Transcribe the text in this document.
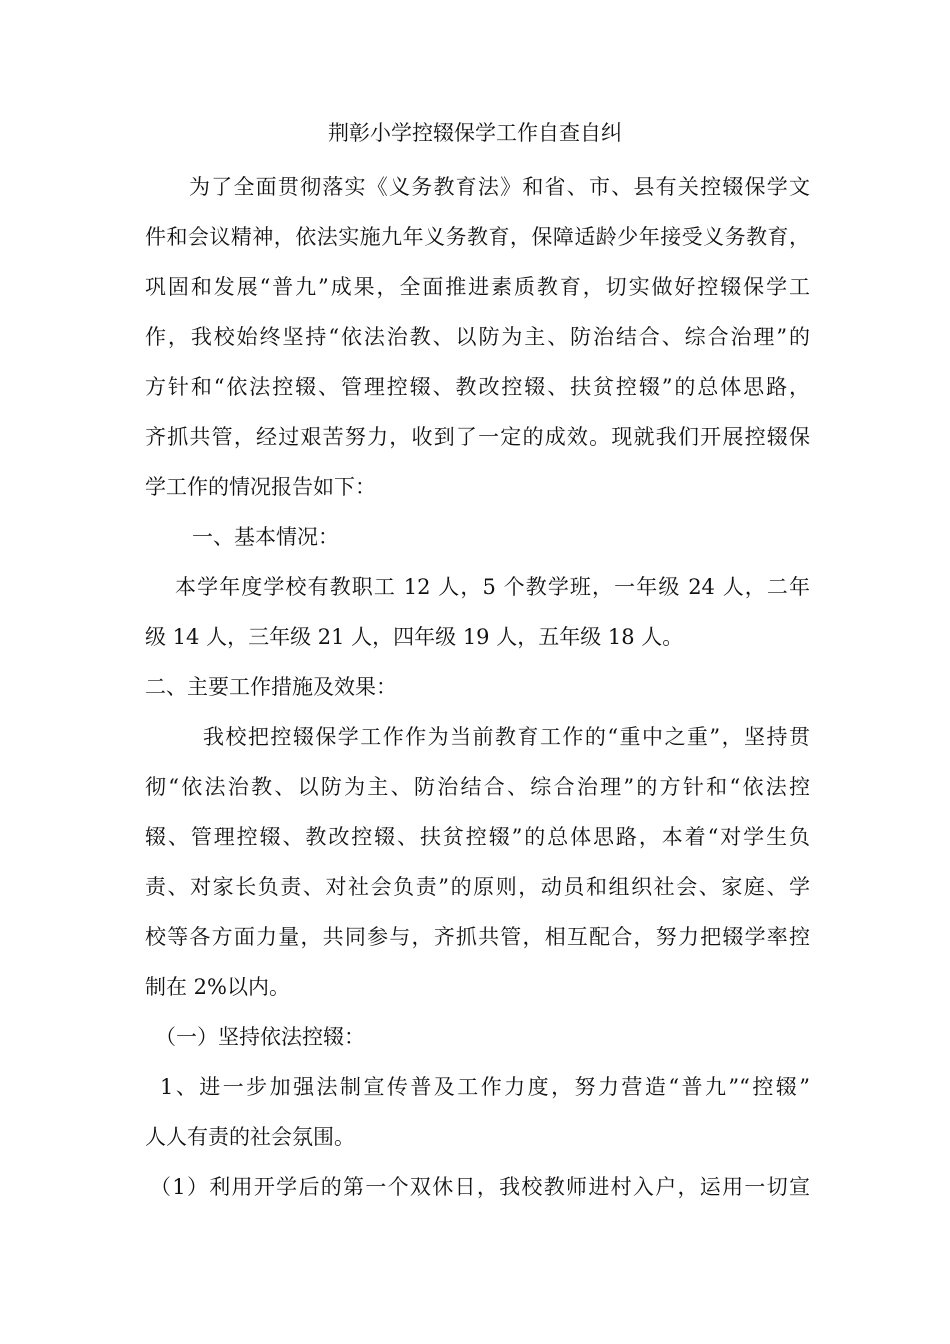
荆彰小学控辍保学工作自查自纠
为了全面贯彻落实《义务教育法》和省、市、县有关控辍保学文
件和会议精神，依法实施九年义务教育，保障适龄少年接受义务教育，
巩固和发展“普九”成果，全面推进素质教育，切实做好控辍保学工
作，我校始终坚持“依法治教、以防为主、防治结合、综合治理”的
方针和“依法控辍、管理控辍、教改控辍、扶贫控辍”的总体思路，
齐抓共管，经过艰苦努力，收到了一定的成效。现就我们开展控辍保
学工作的情况报告如下：
一、基本情况：
本学年度学校有教职工 12 人，5 个教学班，一年级 24 人，二年
级 14 人，三年级 21 人，四年级 19 人，五年级 18 人。
二、主要工作措施及效果：
我校把控辍保学工作作为当前教育工作的“重中之重”，坚持贯
彻“依法治教、以防为主、防治结合、综合治理”的方针和“依法控
辍、管理控辍、教改控辍、扶贫控辍”的总体思路，本着“对学生负
责、对家长负责、对社会负责”的原则，动员和组织社会、家庭、学
校等各方面力量，共同参与，齐抓共管，相互配合，努力把辍学率控
制在 2%以内。
（一）坚持依法控辍：
1、进一步加强法制宣传普及工作力度，努力营造“普九”“控辍”
人人有责的社会氛围。
（1）利用开学后的第一个双休日，我校教师进村入户，运用一切宣
